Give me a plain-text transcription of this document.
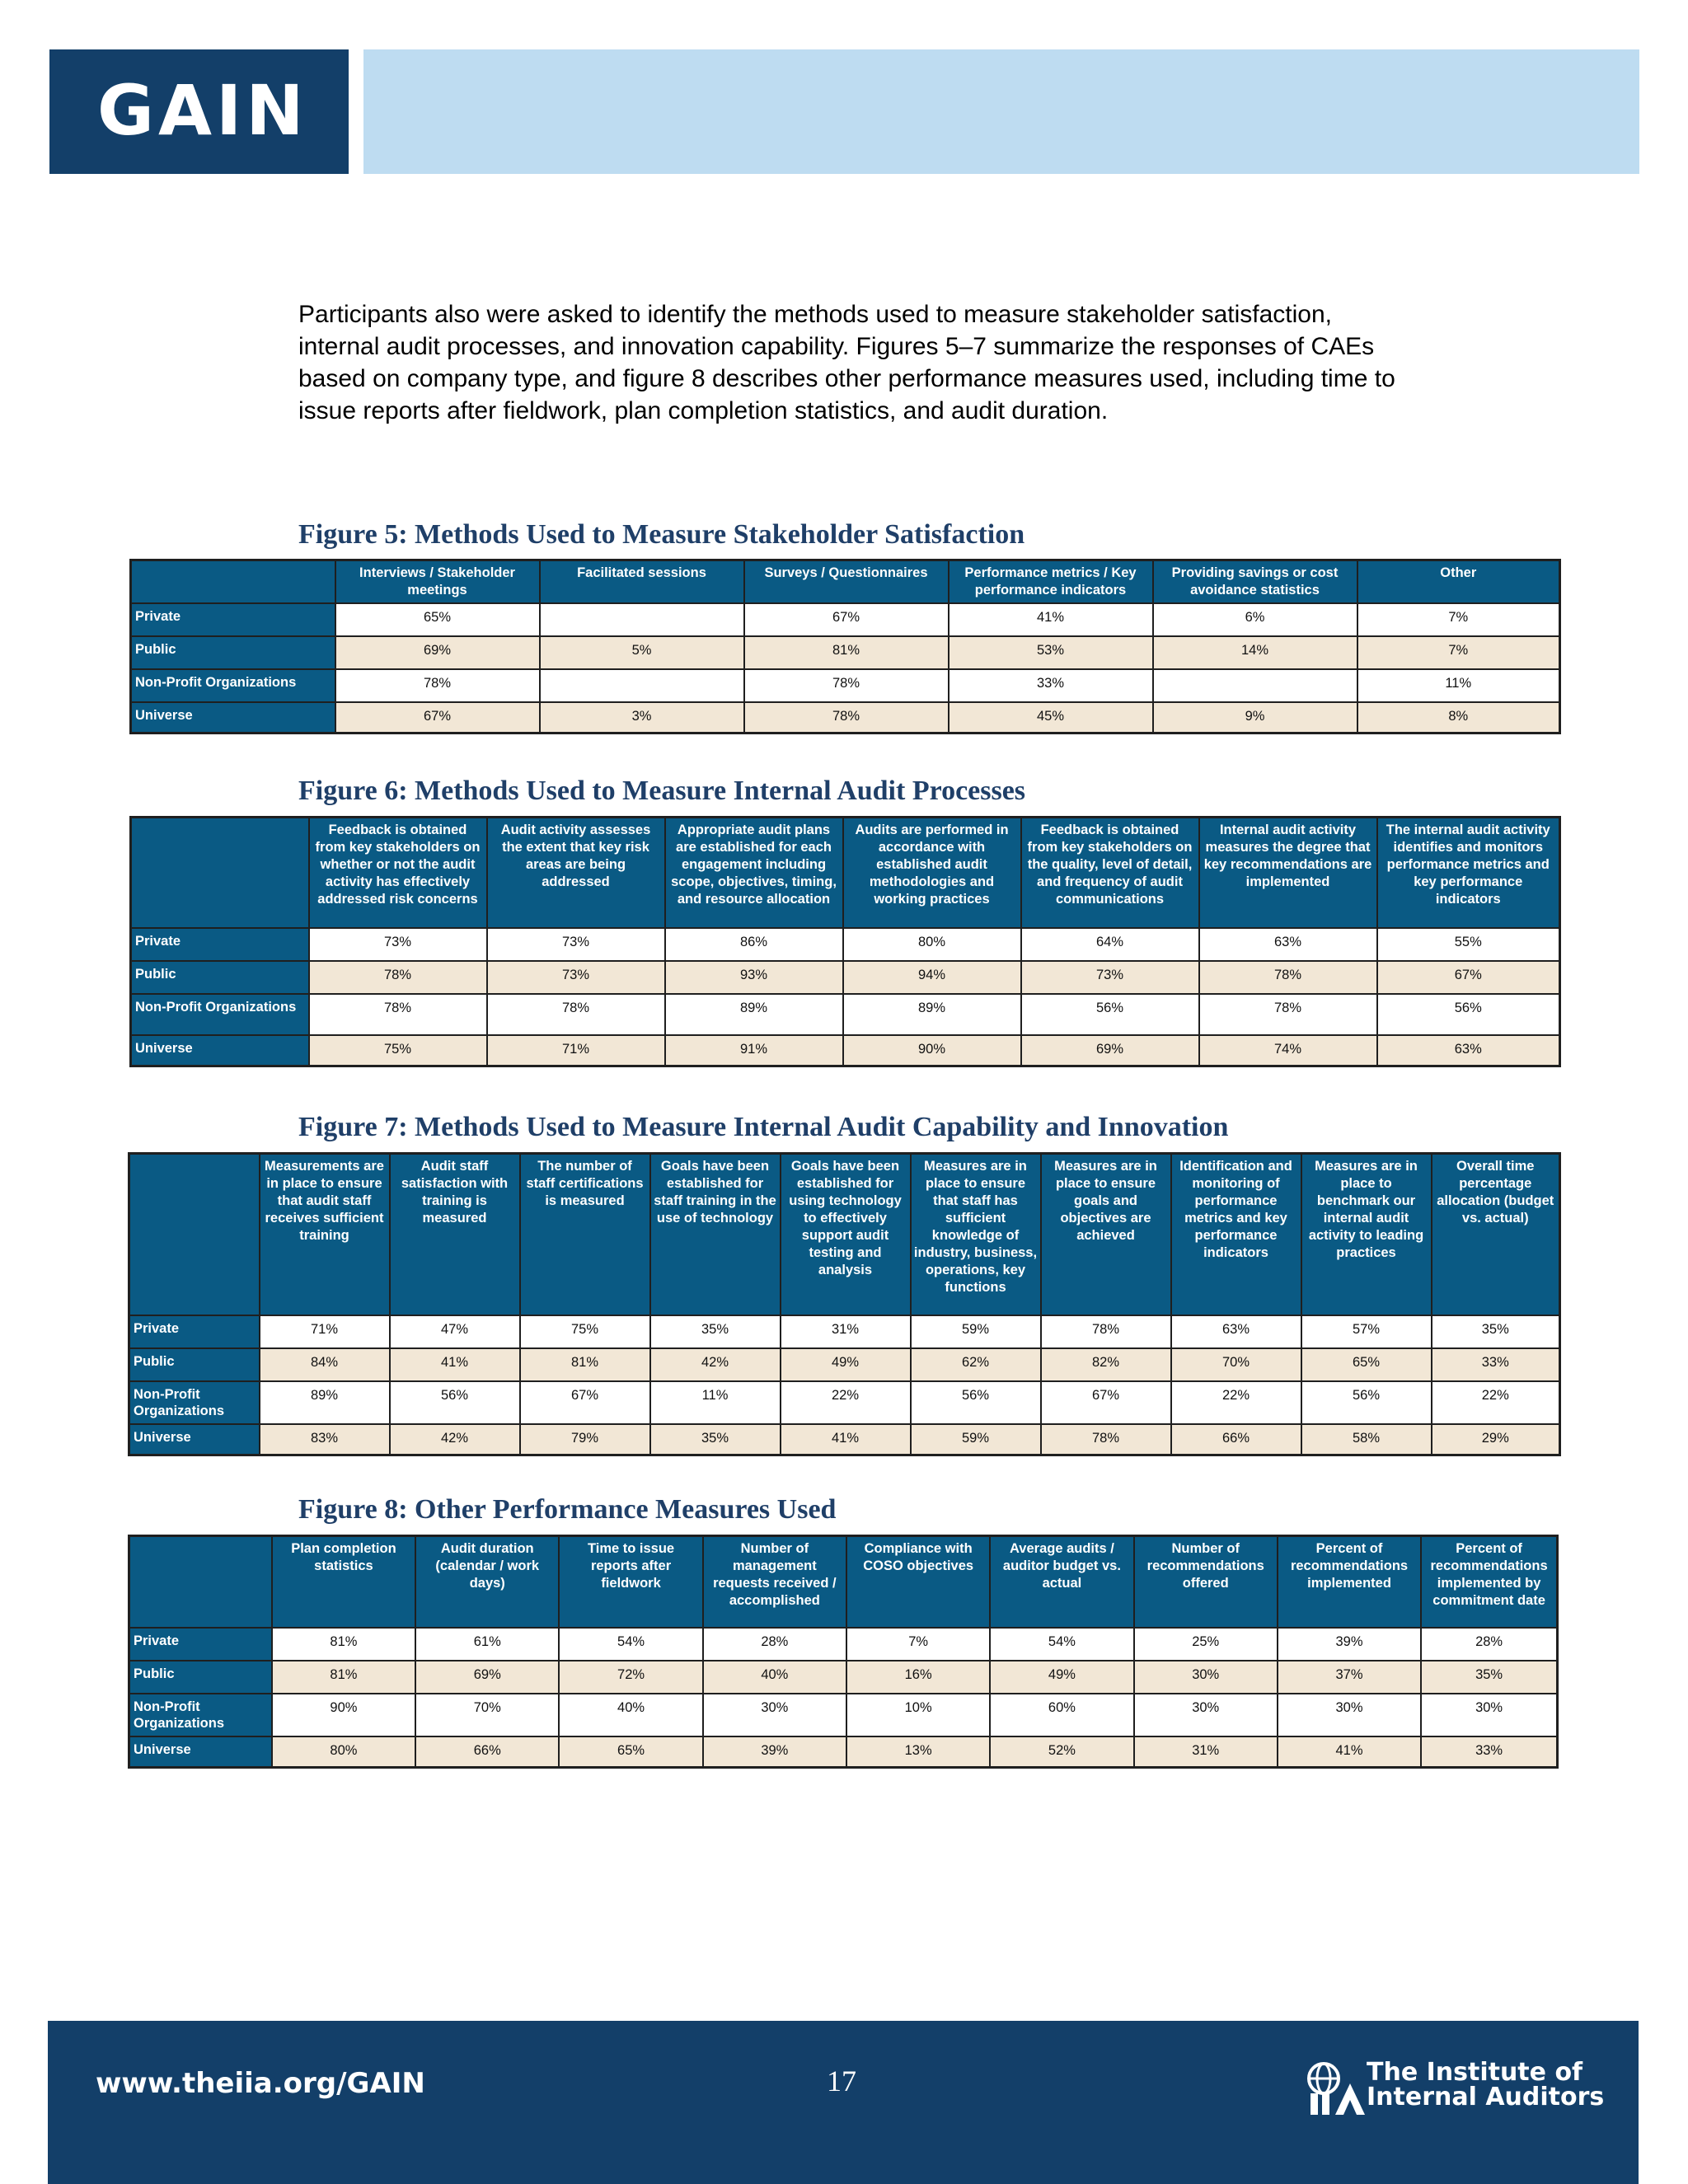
GAIN

Participants also were asked to identify the methods used to measure stakeholder satisfaction, internal audit processes, and innovation capability. Figures 5–7 summarize the responses of CAEs based on company type, and figure 8 describes other performance measures used, including time to issue reports after fieldwork, plan completion statistics, and audit duration.

Figure 5: Methods Used to Measure Stakeholder Satisfaction
	Interviews / Stakeholder meetings	Facilitated sessions	Surveys / Questionnaires	Performance metrics / Key performance indicators	Providing savings or cost avoidance statistics	Other
Private	65%		67%	41%	6%	7%
Public	69%	5%	81%	53%	14%	7%
Non-Profit Organizations	78%		78%	33%		11%
Universe	67%	3%	78%	45%	9%	8%
Figure 6: Methods Used to Measure Internal Audit Processes
	Feedback is obtained from key stakeholders on whether or not the audit activity has effectively addressed risk concerns	Audit activity assesses the extent that key risk areas are being addressed	Appropriate audit plans are established for each engagement including scope, objectives, timing, and resource allocation	Audits are performed in accordance with established audit methodologies and working practices	Feedback is obtained from key stakeholders on the quality, level of detail, and frequency of audit communications	Internal audit activity measures the degree that key recommendations are implemented	The internal audit activity identifies and monitors performance metrics and key performance indicators
Private	73%	73%	86%	80%	64%	63%	55%
Public	78%	73%	93%	94%	73%	78%	67%
Non-Profit Organizations	78%	78%	89%	89%	56%	78%	56%
Universe	75%	71%	91%	90%	69%	74%	63%
Figure 7: Methods Used to Measure Internal Audit Capability and Innovation
	Measurements are in place to ensure that audit staff receives sufficient training	Audit staff satisfaction with training is measured	The number of staff certifications is measured	Goals have been established for staff training in the use of technology	Goals have been established for using technology to effectively support audit testing and analysis	Measures are in place to ensure that staff has sufficient knowledge of industry, business, operations, key functions	Measures are in place to ensure goals and objectives are achieved	Identification and monitoring of performance metrics and key performance indicators	Measures are in place to benchmark our internal audit activity to leading practices	Overall time percentage allocation (budget vs. actual)
Private	71%	47%	75%	35%	31%	59%	78%	63%	57%	35%
Public	84%	41%	81%	42%	49%	62%	82%	70%	65%	33%
Non-Profit Organizations	89%	56%	67%	11%	22%	56%	67%	22%	56%	22%
Universe	83%	42%	79%	35%	41%	59%	78%	66%	58%	29%
Figure 8: Other Performance Measures Used
	Plan completion statistics	Audit duration (calendar / work days)	Time to issue reports after fieldwork	Number of management requests received / accomplished	Compliance with COSO objectives	Average audits / auditor budget vs. actual	Number of recommendations offered	Percent of recommendations implemented	Percent of recommendations implemented by commitment date
Private	81%	61%	54%	28%	7%	54%	25%	39%	28%
Public	81%	69%	72%	40%	16%	49%	30%	37%	35%
Non-Profit Organizations	90%	70%	40%	30%	10%	60%	30%	30%	30%
Universe	80%	66%	65%	39%	13%	52%	31%	41%	33%
www.theiia.org/GAIN	17	The Institute of
Internal Auditors
